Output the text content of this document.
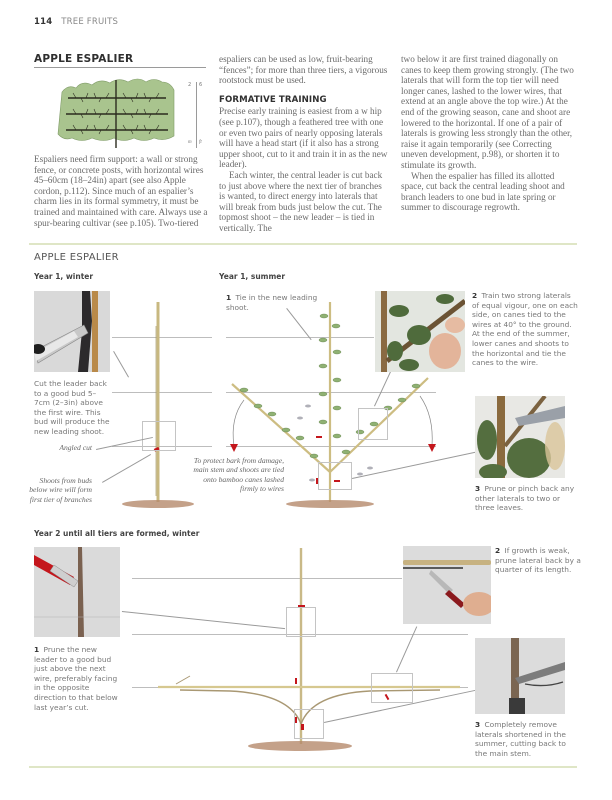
114 TREE FRUITS
APPLE ESPALIER
2 6
m ft

Espaliers need firm support: a wall or strong fence, or concrete posts, with horizontal wires 45–60cm (18–24in) apart (see also Apple cordon, p.112). Since much of an espalier’s charm lies in its formal symmetry, it must be trained and maintained with care. Always use a spur-bearing cultivar (see p.105). Two-tiered

espaliers can be used as low, fruit-bearing “fences”; for more than three tiers, a vigorous rootstock must be used.

FORMATIVE TRAINING

Precise early training is easiest from a w hip (see p.107), though a feathered tree with one or even two pairs of nearly opposing laterals will have a head start (if it also has a strong upper shoot, cut to it and train it in as the new leader).

Each winter, the central leader is cut back to just above where the next tier of branches is wanted, to direct energy into laterals that will break from buds just below the cut. The topmost shoot – the new leader – is tied in vertically. The

two below it are first trained diagonally on canes to keep them growing strongly. (The two laterals that will form the top tier will need longer canes, lashed to the lower wires, that extend at an angle above the top wire.) At the end of the growing season, cane and shoot are lowered to the horizontal. If one of a pair of laterals is growing less strongly than the other, raise it again temporarily (see Correcting uneven development, p.98), or shorten it to stimulate its growth.

When the espalier has filled its allotted space, cut back the central leading shoot and branch leaders to one bud in late spring or summer to discourage regrowth.

APPLE ESPALIER
Year 1, winter
Cut the leader back to a good bud 5–7cm (2–3in) above the first wire. This bud will produce the new leading shoot.
Angled cut
Shoots from buds below wire will form first tier of branches
Year 1, summer
1 Tie in the new leading shoot.
To protect bark from damage, main stem and shoots are tied onto bamboo canes lashed firmly to wires
2 Train two strong laterals of equal vigour, one on each side, on canes tied to the wires at 40° to the ground. At the end of the summer, lower canes and shoots to the horizontal and tie the canes to the wire.
3 Prune or pinch back any other laterals to two or three leaves.
Year 2 until all tiers are formed, winter
1 Prune the new leader to a good bud just above the next wire, preferably facing in the opposite direction to that below last year’s cut.
2 If growth is weak, prune lateral back by a quarter of its length.
3 Completely remove laterals shortened in the summer, cutting back to the main stem.
